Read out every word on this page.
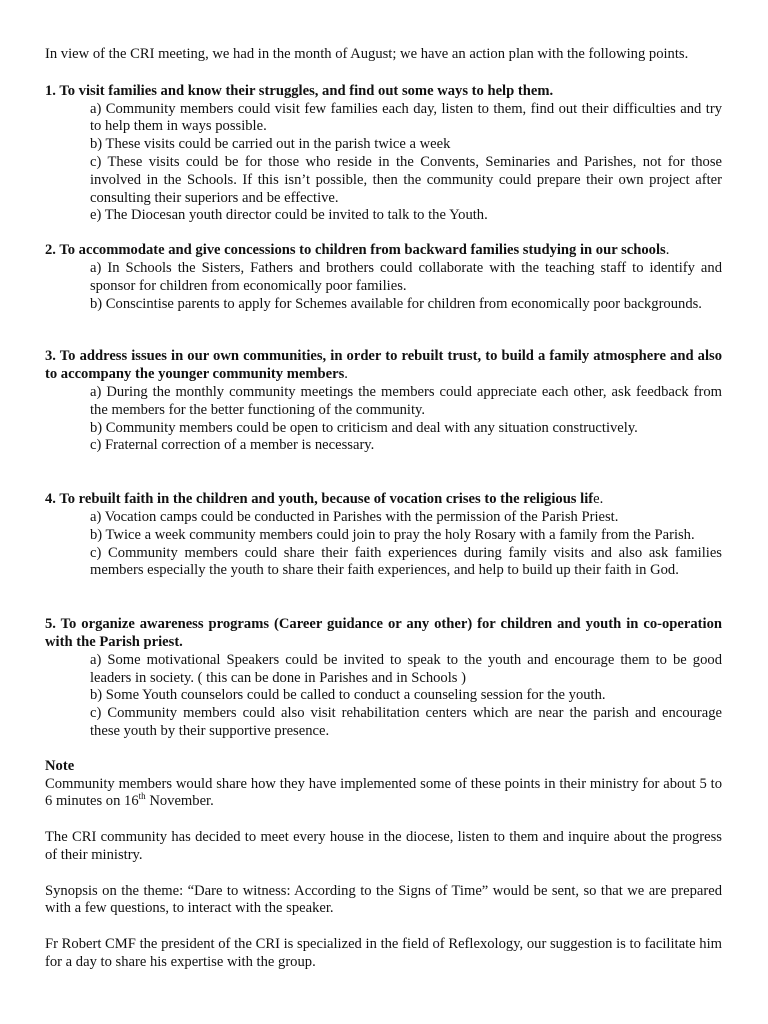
In view of the CRI meeting, we had in the month of August; we have an action plan with the following points.

1. To visit families and know their struggles, and find out some ways to help them.

a) Community members could visit few families each day, listen to them, find out their difficulties and try to help them in ways possible.

b) These visits could be carried out in the parish twice a week

c) These visits could be for those who reside in the Convents, Seminaries and Parishes, not for those involved in the Schools. If this isn’t possible, then the community could prepare their own project after consulting their superiors and be effective.

e) The Diocesan youth director could be invited to talk to the Youth.

2. To accommodate and give concessions to children from backward families studying in our schools.

a) In Schools the Sisters, Fathers and brothers could collaborate with the teaching staff to identify and sponsor for children from economically poor families.

b) Conscintise parents to apply for Schemes available for children from economically poor backgrounds.

3. To address issues in our own communities, in order to rebuilt trust, to build a family atmosphere and also to accompany the younger community members.

a) During the monthly community meetings the members could appreciate each other, ask feedback from the members for the better functioning of the community.

b) Community members could be open to criticism and deal with any situation constructively.

c) Fraternal correction of a member is necessary.

4. To rebuilt faith in the children and youth, because of vocation crises to the religious life.

a) Vocation camps could be conducted in Parishes with the permission of the Parish Priest.

b) Twice a week community members could join to pray the holy Rosary with a family from the Parish.

c) Community members could share their faith experiences during family visits and also ask families members especially the youth to share their faith experiences, and help to build up their faith in God.

5. To organize awareness programs (Career guidance or any other) for children and youth in co-operation with the Parish priest.

a) Some motivational Speakers could be invited to speak to the youth and encourage them to be good leaders in society. ( this can be done in Parishes and in Schools )

b) Some Youth counselors could be called to conduct a counseling session for the youth.

c) Community members could also visit rehabilitation centers which are near the parish and encourage these youth by their supportive presence.

Note

Community members would share how they have implemented some of these points in their ministry for about 5 to 6 minutes on 16th November.

The CRI community has decided to meet every house in the diocese, listen to them and inquire about the progress of their ministry.

Synopsis on the theme: “Dare to witness: According to the Signs of Time” would be sent, so that we are prepared with a few questions, to interact with the speaker.

Fr Robert CMF the president of the CRI is specialized in the field of Reflexology, our suggestion is to facilitate him for a day to share his expertise with the group.
